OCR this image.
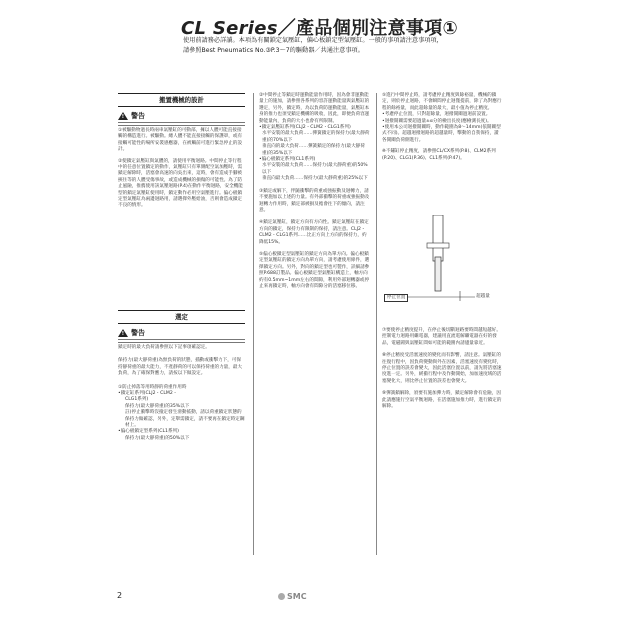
CL Series／產品個別注意事項①
使用前請務必詳讀。本項為有關鎖定氣壓缸，偏心板鎖定型氣壓缸。一般的事項請注意事項項，
請參照Best Pneumatics No.③P.3～7的驅動器／共通注意事項。
搬置機械的設計
!
警告
①被驅動物過長時兩車氣壓缸的可動部，擁以人體可能直接接觸的構造進行。被驅動。總人體不能直接接觸的保護罩，或有接觸可能性的場所安裝感應器，在被觸前可進行緊急停止的設計。
②使鎖定氣壓缸與氣體的，請使用平衡迴路。中間停止等行程中的任意位置鎖定的動作，氣壓缸只有單側配空氣加壓時，需鎖定解除時，活塞會高速的向吳出來，這時，會有造成手腳被挾住等的人體受傷事故，或造成機械的損傷的可能性。為了防止風險，推薦使用該氣壓迴路(P.4)在動作平衡迴路，安全機能型的鎖定氣壓缸使用時，鎖定動作必用空氣壓進行。偏心板鎖定型氣壓缸為兩邊迴路用，請選擇外壓給油，否則會造成鎖定不良的情形。
選定
!
警告
鎖定時的最大負荷請參照以下記事項確認定。
保持力(最大靜荷重)為無負荷的狀態，插動或衝擊力下，可保持靜荷重的最大能力，不產靜荷的可以保持荷重的力量，最大負荷，為了確保對應力，請按以下做設定。
①防止掉落等用時靜的荷重作用時
•鎖定缸系列(CLJ2・CLM2・
CLG1系列)
保持力(最大靜荷重)的35%以下
註)停止衝擊時沒撞定發生滑動搖動，請以荷重鎖定狀態的保持力做確認，另外，定舉需鎖定，請不要再在鎖定時定鋼材上。
•偏心板鎖定型系列(CL1系列)
保持力(最大靜荷重)的50%以下
②中間停止等鎖定時運動能量作用時，因為會非運動能量上的施加，請參照各系列的容許運動能量與氣壓缸的選定，另外，鎖定時，為以負荷防運動能量，氣壓缸本身的推力也須受鎖定機構的吸收，因此，即便負荷容運動能量內，負荷的大小也會有所限制。
•鎖定氣壓缸系列(CLJ2・CLM2・CLG1系列)
水平安裝的最大負荷……彈簧鎖定的保持力(最大靜荷重)的70%以下
垂直向的最大負荷……彈簧鎖定的保持力(最大靜荷重)的35%以下
•偏心板鎖定系列(CL1系列)
水平安裝的最大負荷……保持力(最大靜荷重)的50%以下
垂直向最大負荷……保持力(最大靜荷重)的25%以下
③鎖定或解下，伴隨衝擊的荷重或強振動及迴轉力，請不要施加以上述的力量。有外部衝擊的荷重或強振動及迴轉力作用時，鎖定部被損及擔會往下的傾向，請注意。
④鎖定氣壓缸，鎖定方向有方向性。鎖定氣壓缸在鎖定方向的鎖定，保持力有限制的保持，請注意。CLJ2・CLM2・CLG1系列……比正方向上方向的保持力，約降低15%。
⑤偏心板鎖定型氣壓缸的鎖定方向為單方向。偏心板鎖定型氣壓缸的鎖定方向為單方向，請考慮使用條件，選擇鎖定方向。另外，對向的鎖定型也可製作，詳細請參照P.688訂製品。偏心板鎖定型氣壓缸構造上，軸方向約有0.5mm~1mm左右的間隙，利用外部迴轉器或停止來再鎖定時，軸方向會有間隙分的活塞移位移。
⑤進行中間停止時，請考慮停止精度與餘裕量，機械的鎖定，則於停止迴路，不會瞬間停止迴僅提前，除了為對應行程的餘裕量，而此超餘量的最大，最小值為停止精度。
•考慮停止位置，只對超餘量，迴撥開關過迴前設置。
•迴撥開關需要超過量±α分的檢出長度(應檢測長度)。
•使用本公司迴撥開關時，動作範圍為8～14mm(依開關型式不同)。超越迴撥迴路的超越量時，擊動的自我保持，讀各開關負荷側進行。
※不鏽缸停止精度，請參照CL/CX系列(P.8)、CLM2系列(P.20)、CLG1(P.36)、CL1系列(P.47)。
停止位置	超越量
⑦要使停止精度提升，在停止後切斷迴路要時間越短越好。控制電力迴路用繼電器，建議用直流電解繼電器在好的發品，電磁閥與氣壓缸間如可能的範圍內請儘量靠近。
⑧停止精度受活塞速度的變化而有影響，請注意。氣壓缸的往復行程中，因負荷變動與外在因素，活塞速度有變化時，停止位置的誤差會變大，因此活塞位置以前，請先將活塞速度進一定。另外，緩衝行程中及作動開始，加加速度域的活塞變化大，則比停止位置的誤差也會變大。
⑨彈簧鎖解除，須要有施加彈力時，鎖定解除會有危險，因此請應施行空氣平衡迴路，在活塞施加推力時，進行鎖定的解除。
2	SMC
